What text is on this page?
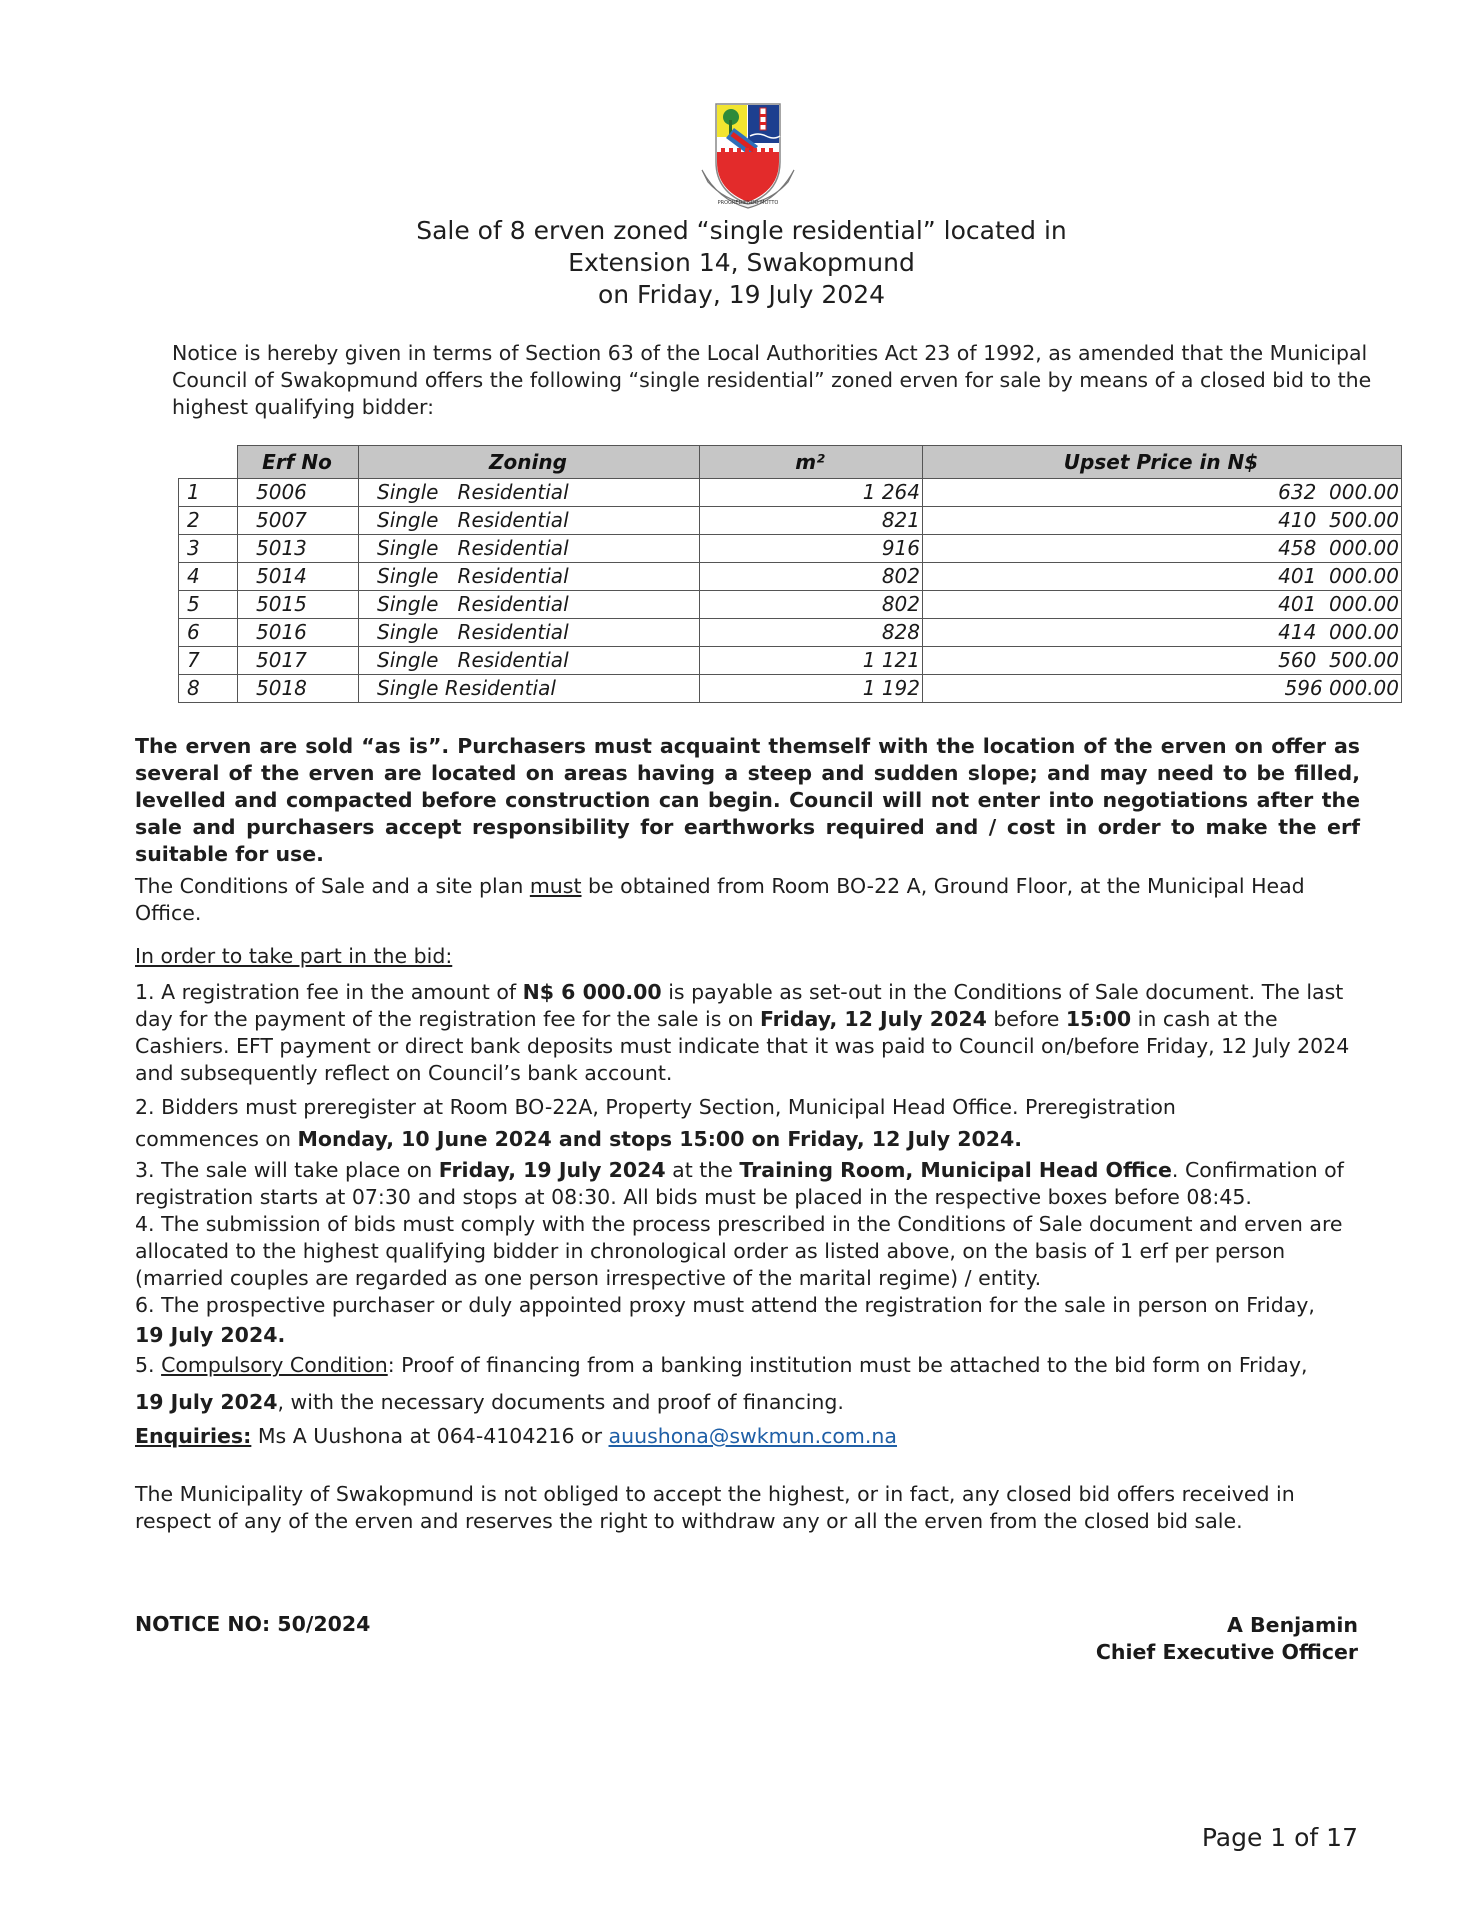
PROGREDIENDO MOTTO
Sale of 8 erven zoned “single residential” located in
Extension 14, Swakopmund
on Friday, 19 July 2024
Notice is hereby given in terms of Section 63 of the Local Authorities Act 23 of 1992, as amended that the Municipal Council of Swakopmund offers the following “single residential” zoned erven for sale by means of a closed bid to the highest qualifying bidder:
	Erf No	Zoning	m²	Upset Price in N$
1	5006	Single   Residential	1 264	632  000.00
2	5007	Single   Residential	821	410  500.00
3	5013	Single   Residential	916	458  000.00
4	5014	Single   Residential	802	401  000.00
5	5015	Single   Residential	802	401  000.00
6	5016	Single   Residential	828	414  000.00
7	5017	Single   Residential	1 121	560  500.00
8	5018	Single Residential	1 192	596 000.00
The erven are sold “as is”. Purchasers must acquaint themself with the location of the erven on offer as several of the erven are located on areas having a steep and sudden slope; and may need to be filled, levelled and compacted before construction can begin. Council will not enter into negotiations after the sale and purchasers accept responsibility for earthworks required and / cost in order to make the erf suitable for use.
The Conditions of Sale and a site plan must be obtained from Room BO-22 A, Ground Floor, at the Municipal Head Office.
In order to take part in the bid:
1. A registration fee in the amount of N$ 6 000.00 is payable as set-out in the Conditions of Sale document. The last day for the payment of the registration fee for the sale is on Friday, 12 July 2024 before 15:00 in cash at the Cashiers. EFT payment or direct bank deposits must indicate that it was paid to Council on/before Friday, 12 July 2024 and subsequently reflect on Council’s bank account.
2. Bidders must preregister at Room BO-22A, Property Section, Municipal Head Office. Preregistration
commences on Monday, 10 June 2024 and stops 15:00 on Friday, 12 July 2024.
3. The sale will take place on Friday, 19 July 2024 at the Training Room, Municipal Head Office. Confirmation of registration starts at 07:30 and stops at 08:30. All bids must be placed in the respective boxes before 08:45.
4. The submission of bids must comply with the process prescribed in the Conditions of Sale document and erven are allocated to the highest qualifying bidder in chronological order as listed above, on the basis of 1 erf per person (married couples are regarded as one person irrespective of the marital regime) / entity.
6. The prospective purchaser or duly appointed proxy must attend the registration for the sale in person on Friday,
19 July 2024.
5. Compulsory Condition: Proof of financing from a banking institution must be attached to the bid form on Friday,
19 July 2024, with the necessary documents and proof of financing.
Enquiries: Ms A Uushona at 064-4104216 or auushona@swkmun.com.na
The Municipality of Swakopmund is not obliged to accept the highest, or in fact, any closed bid offers received in respect of any of the erven and reserves the right to withdraw any or all the erven from the closed bid sale.
NOTICE NO: 50/2024	A Benjamin
Chief Executive Officer
Page 1 of 17
